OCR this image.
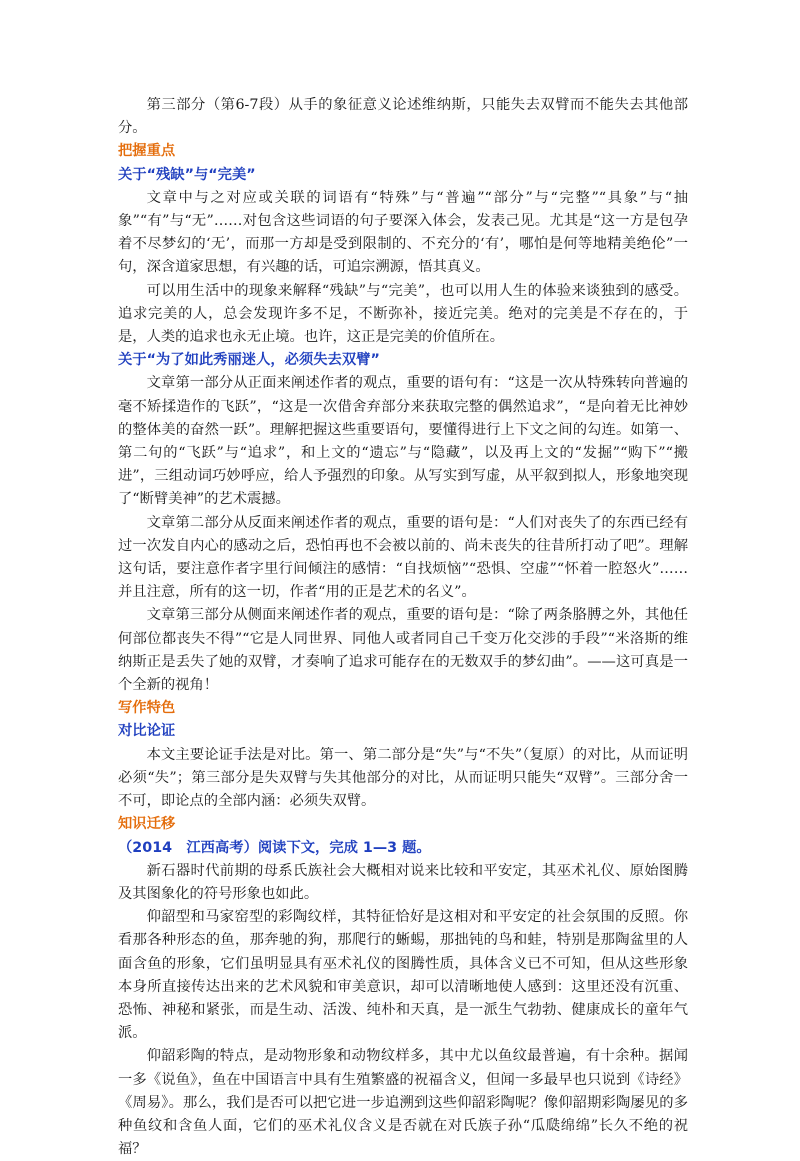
第三部分（第6-7段）从手的象征意义论述维纳斯，只能失去双臂而不能失去其他部分。

把握重点

关于“残缺”与“完美”

文章中与之对应或关联的词语有“特殊”与“普遍”“部分”与“完整”“具象”与“抽象”“有”与“无”……对包含这些词语的句子要深入体会，发表己见。尤其是“这一方是包孕着不尽梦幻的‘无’，而那一方却是受到限制的、不充分的‘有’，哪怕是何等地精美绝伦”一句，深含道家思想，有兴趣的话，可追宗溯源，悟其真义。

可以用生活中的现象来解释“残缺”与“完美”，也可以用人生的体验来谈独到的感受。追求完美的人，总会发现许多不足，不断弥补，接近完美。绝对的完美是不存在的，于是，人类的追求也永无止境。也许，这正是完美的价值所在。

关于“为了如此秀丽迷人，必须失去双臂”

文章第一部分从正面来阐述作者的观点，重要的语句有：“这是一次从特殊转向普遍的毫不矫揉造作的飞跃”，“这是一次借舍弃部分来获取完整的偶然追求”，“是向着无比神妙的整体美的奋然一跃”。理解把握这些重要语句，要懂得进行上下文之间的勾连。如第一、第二句的“飞跃”与“追求”，和上文的“遗忘”与“隐藏”，以及再上文的“发掘”“购下”“搬进”，三组动词巧妙呼应，给人予强烈的印象。从写实到写虚，从平叙到拟人，形象地突现了“断臂美神”的艺术震撼。

文章第二部分从反面来阐述作者的观点，重要的语句是：“人们对丧失了的东西已经有过一次发自内心的感动之后，恐怕再也不会被以前的、尚未丧失的往昔所打动了吧”。理解这句话，要注意作者字里行间倾注的感情：“自找烦恼”“恐惧、空虚”“怀着一腔怒火”……并且注意，所有的这一切，作者“用的正是艺术的名义”。

文章第三部分从侧面来阐述作者的观点，重要的语句是：“除了两条胳膊之外，其他任何部位都丧失不得”“它是人同世界、同他人或者同自己千变万化交涉的手段”“米洛斯的维纳斯正是丢失了她的双臂，才奏响了追求可能存在的无数双手的梦幻曲”。——这可真是一个全新的视角！

写作特色

对比论证

本文主要论证手法是对比。第一、第二部分是“失”与“不失”（复原）的对比，从而证明必须“失”；第三部分是失双臂与失其他部分的对比，从而证明只能失“双臂”。三部分舍一不可，即论点的全部内涵：必须失双臂。

知识迁移

（2014　江西高考）阅读下文，完成 1—3 题。

新石器时代前期的母系氏族社会大概相对说来比较和平安定，其巫术礼仪、原始图腾及其图象化的符号形象也如此。

仰韶型和马家窑型的彩陶纹样，其特征恰好是这相对和平安定的社会氛围的反照。你看那各种形态的鱼，那奔驰的狗，那爬行的蜥蜴，那拙钝的鸟和蛙，特别是那陶盆里的人面含鱼的形象，它们虽明显具有巫术礼仪的图腾性质，具体含义已不可知，但从这些形象本身所直接传达出来的艺术风貌和审美意识，却可以清晰地使人感到：这里还没有沉重、恐怖、神秘和紧张，而是生动、活泼、纯朴和天真，是一派生气勃勃、健康成长的童年气派。

仰韶彩陶的特点，是动物形象和动物纹样多，其中尤以鱼纹最普遍，有十余种。据闻一多《说鱼》，鱼在中国语言中具有生殖繁盛的祝福含义，但闻一多最早也只说到《诗经》《周易》。那么，我们是否可以把它进一步追溯到这些仰韶彩陶呢？像仰韶期彩陶屡见的多种鱼纹和含鱼人面，它们的巫术礼仪含义是否就在对氏族子孙“瓜瓞绵绵”长久不绝的祝福？
